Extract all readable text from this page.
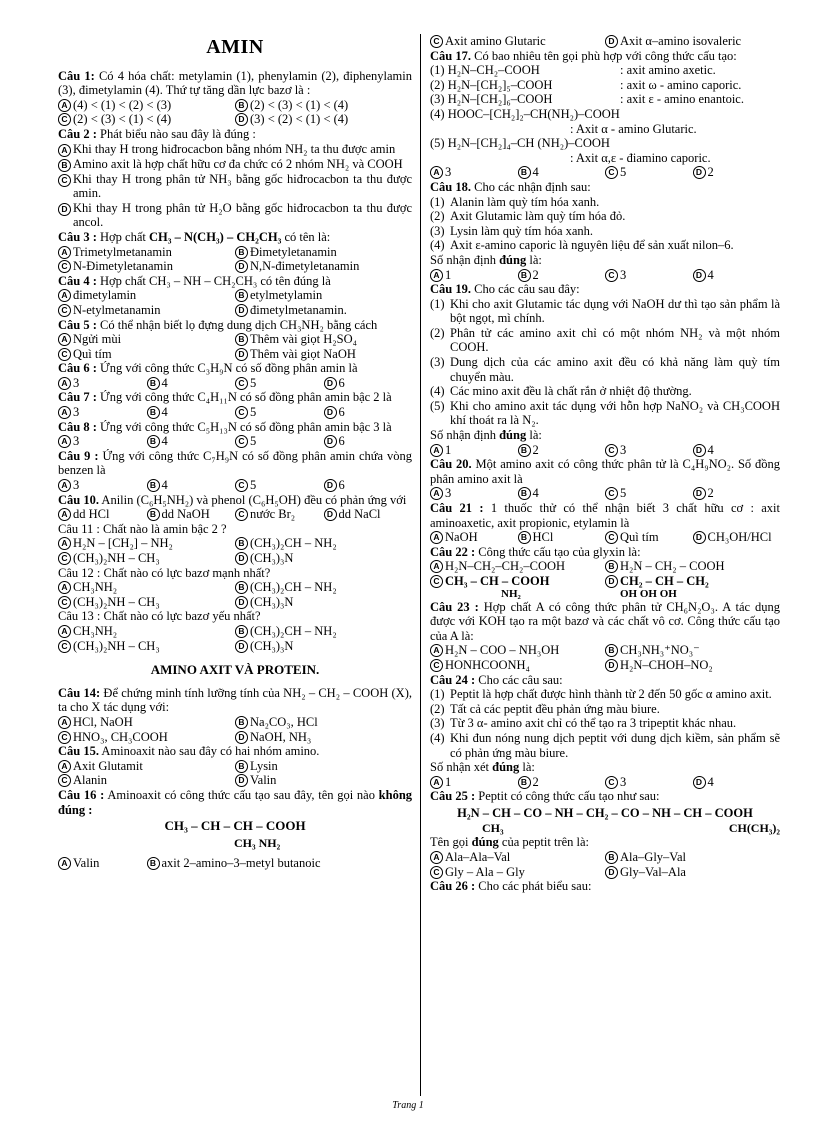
AMIN

Câu 1: Có 4 hóa chất: metylamin (1), phenylamin (2), điphenylamin (3), đimetylamin (4). Thứ tự tăng dần lực bazơ là :

A (4) < (1) < (2) < (3)	B (2) < (3) < (1) < (4)
C (2) < (3) < (1) < (4)	D (3) < (2) < (1) < (4)

Câu 2 : Phát biểu nào sau đây là đúng :

A Khi thay H trong hiđrocacbon bằng nhóm NH₂ ta thu được amin
B Amino axit là hợp chất hữu cơ đa chức có 2 nhóm NH₂ và COOH
C Khi thay H trong phân tử NH₃ bằng gốc hiđrocacbon ta thu được amin.
D Khi thay H trong phân tử H₂O bằng gốc hiđrocacbon ta thu được ancol.

Câu 3 : Hợp chất CH₃ – N(CH₃) – CH₂CH₃ có tên là:

A Trimetylmetanamin	B Đimetyletanamin
C N-Đimetyletanamin	D N,N-đimetyletanamin

Câu 4 : Hợp chất CH₃ – NH – CH₂CH₃ có tên đúng là

A đimetylamin	B etylmetylamin
C N-etylmetanamin	D đimetylmetanamin.

Câu 5 : Có thể nhận biết lọ đựng dung dịch CH₃NH₂ bằng cách

A Ngửi mùi	B Thêm vài giọt H₂SO₄
C Quì tím	D Thêm vài giọt NaOH

Câu 6 : Ứng với công thức C₃H₉N có số đồng phân amin là

A 3	B 4	C 5	D 6

Câu 7 : Ứng với công thức C₄H₁₁N có số đồng phân amin bậc 2 là

A 3	B 4	C 5	D 6

Câu 8 : Ứng với công thức C₅H₁₃N có số đồng phân amin bậc 3 là

A 3	B 4	C 5	D 6

Câu 9 : Ứng với công thức C₇H₉N có số đồng phân amin chứa vòng benzen là

A 3	B 4	C 5	D 6

Câu 10. Anilin (C₆H₅NH₂) và phenol (C₆H₅OH) đều có phản ứng với

A dd HCl	B dd NaOH	C nước Br₂	D dd NaCl

Câu 11 : Chất nào là amin bậc 2 ?

A H₂N – [CH₂] – NH₂	B (CH₃)₂CH – NH₂
C (CH₃)₂NH – CH₃	D (CH₃)₃N

Câu 12 : Chất nào có lực bazơ mạnh nhất?

A CH₃NH₂	B (CH₃)₂CH – NH₂
C (CH₃)₂NH – CH₃	D (CH₃)₃N

Câu 13 : Chất nào có lực bazơ yếu nhất?

A CH₃NH₂	B (CH₃)₂CH – NH₂
C (CH₃)₂NH – CH₃	D (CH₃)₃N
AMINO AXIT VÀ PROTEIN.

Câu 14: Để chứng minh tính lưỡng tính của NH₂ – CH₂ – COOH (X), ta cho X tác dụng với:

A HCl, NaOH	B Na₂CO₃, HCl
C HNO₃, CH₃COOH	D NaOH, NH₃

Câu 15. Aminoaxit nào sau đây có hai nhóm amino.

A Axit Glutamit	B Lysin
C Alanin	D Valin

Câu 16 : Aminoaxit có công thức cấu tạo sau đây, tên gọi nào không đúng :

CH₃ – CH – CH – COOH
CH₃ NH₂
A Valin	B axit 2–amino–3–metyl butanoic
C Axit amino Glutaric	D Axit α–amino isovaleric

Câu 17. Có bao nhiêu tên gọi phù hợp với công thức cấu tạo:

(1) H₂N–CH₂–COOH	: axit amino axetic.
(2) H₂N–[CH₂]₅–COOH	: axit ω - amino caporic.
(3) H₂N–[CH₂]₆–COOH	: axit ε - amino enantoic.
(4) HOOC–[CH₂]₂–CH(NH₂)–COOH
: Axit α - amino Glutaric.
(5) H₂N–[CH₂]₄–CH (NH₂)–COOH
: Axit α,ε - điamino caporic.
A 3	B 4	C 5	D 2

Câu 18. Cho các nhận định sau:

(1) Alanin làm quỳ tím hóa xanh.
(2) Axit Glutamic làm quỳ tím hóa đỏ.
(3) Lysin làm quỳ tím hóa xanh.
(4) Axit ε-amino caporic là nguyên liệu để sản xuất nilon–6.

Số nhận định đúng là:

A 1	B 2	C 3	D 4

Câu 19. Cho các câu sau đây:

(1) Khi cho axit Glutamic tác dụng với NaOH dư thì tạo sản phẩm là bột ngọt, mì chính.
(2) Phân tử các amino axit chỉ có một nhóm NH₂ và một nhóm COOH.
(3) Dung dịch của các amino axit đều có khả năng làm quỳ tím chuyển màu.
(4) Các mino axit đều là chất rắn ở nhiệt độ thường.
(5) Khi cho amino axit tác dụng với hỗn hợp NaNO₂ và CH₃COOH khí thoát ra là N₂.

Số nhận định đúng là:

A 1	B 2	C 3	D 4

Câu 20. Một amino axit có công thức phân tử là C₄H₉NO₂. Số đồng phân amino axit là

A 3	B 4	C 5	D 2

Câu 21 : 1 thuốc thử có thể nhận biết 3 chất hữu cơ : axit aminoaxetic, axit propionic, etylamin là

A NaOH	B HCl	C Quì tím	D CH₃OH/HCl

Câu 22 : Công thức cấu tạo của glyxin là:

A H₂N–CH₂–CH₂–COOH	B H₂N – CH₂ – COOH
C CH₃ – CH – COOH
NH₂
D CH₂ – CH – CH₂
OH OH OH

Câu 23 : Hợp chất A có công thức phân tử CH₆N₂O₃. A tác dụng được với KOH tạo ra một bazơ và các chất vô cơ. Công thức cấu tạo của A là:

A H₂N – COO – NH₃OH	B CH₃NH₃⁺NO₃⁻
C HONHCOONH₄	D H₂N–CHOH–NO₂

Câu 24 : Cho các câu sau:

(1) Peptit là hợp chất được hình thành từ 2 đến 50 gốc α amino axit.
(2) Tất cả các peptit đều phản ứng màu biure.
(3) Từ 3 α- amino axit chỉ có thể tạo ra 3 tripeptit khác nhau.
(4) Khi đun nóng nung dịch peptit với dung dịch kiềm, sản phẩm sẽ có phản ứng màu biure.

Số nhận xét đúng là:

A 1	B 2	C 3	D 4

Câu 25 : Peptit có công thức cấu tạo như sau:

H₂N – CH – CO – NH – CH₂ – CO – NH – CH – COOH
CH₃	CH(CH₃)₂

Tên gọi đúng của peptit trên là:

A Ala–Ala–Val	B Ala–Gly–Val
C Gly – Ala – Gly	D Gly–Val–Ala

Câu 26 : Cho các phát biểu sau:

Trang 1
